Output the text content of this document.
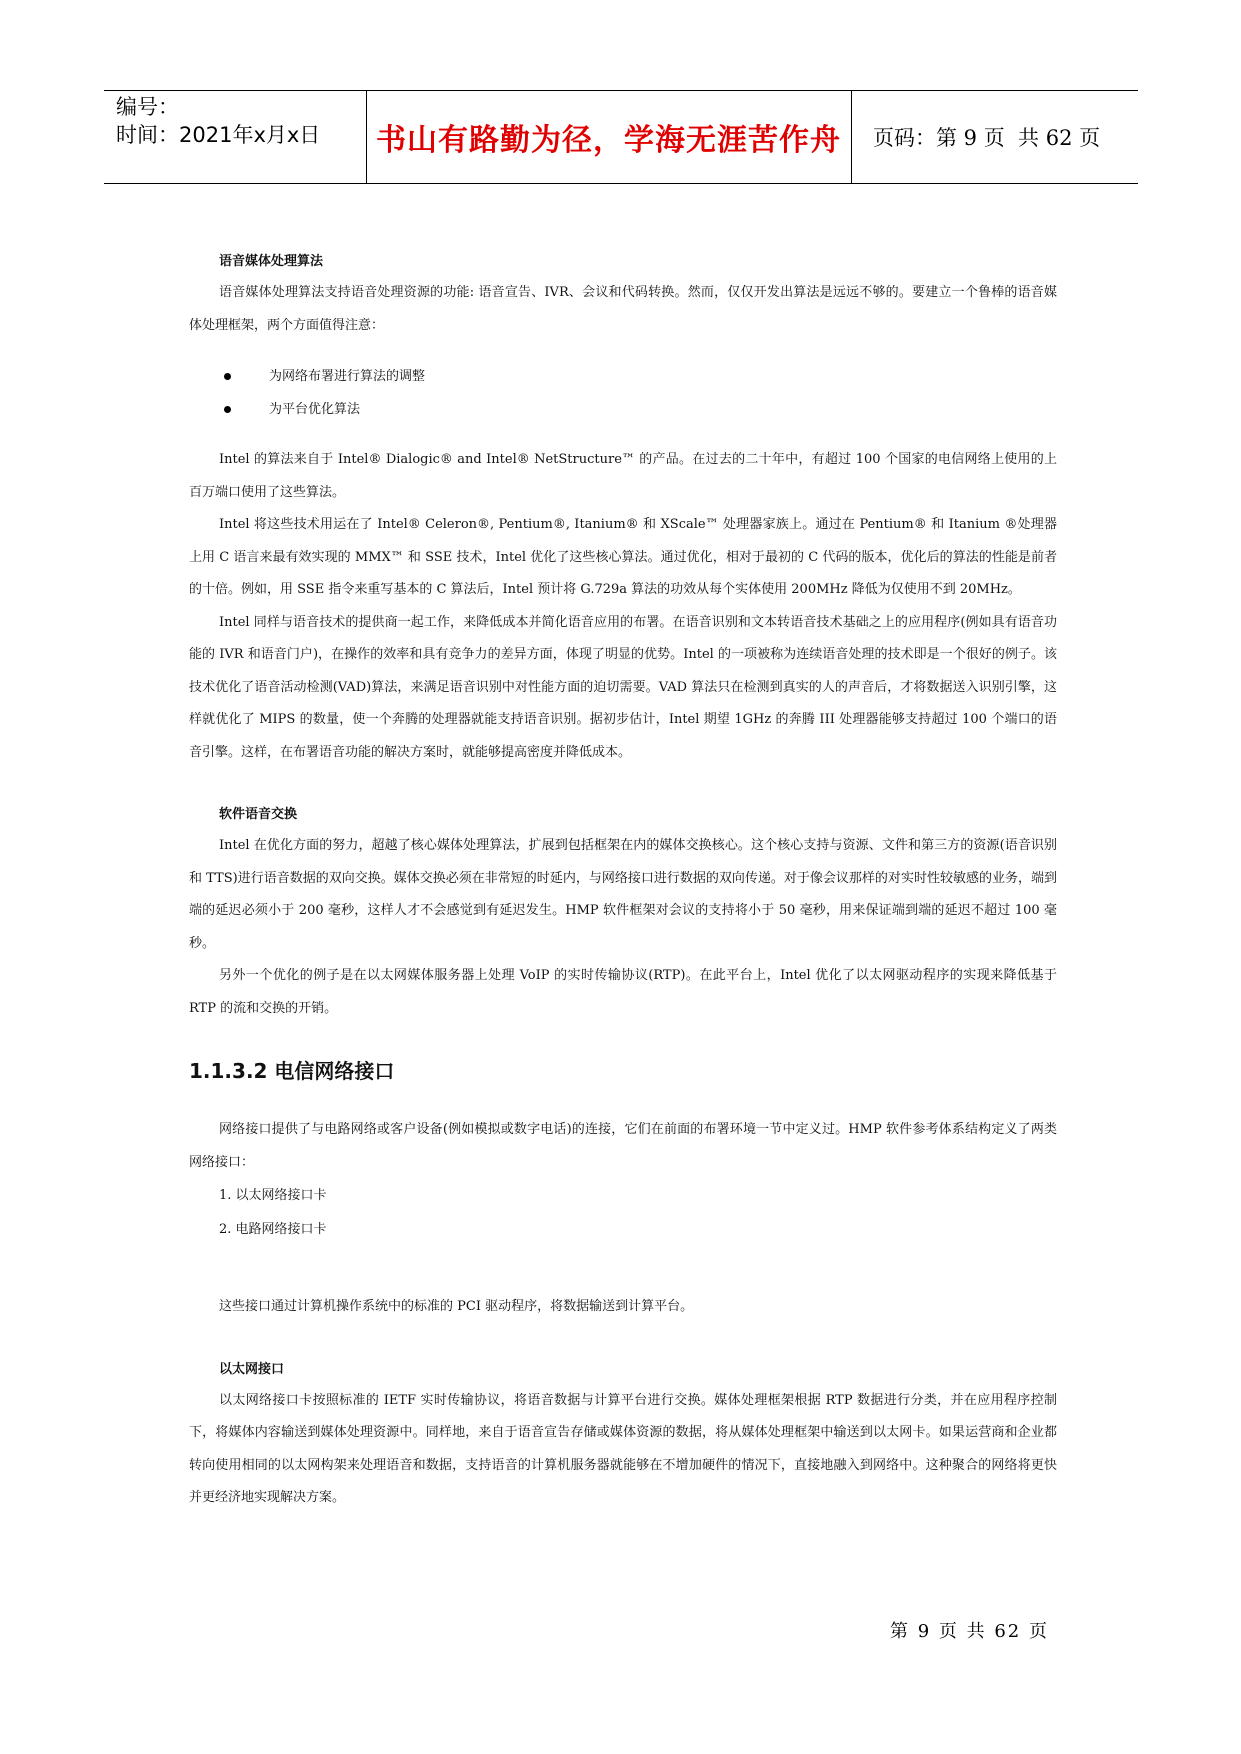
编号：
时间：2021年x月x日	书山有路勤为径，学海无涯苦作舟	页码：第 9 页  共 62 页
语音媒体处理算法

语音媒体处理算法支持语音处理资源的功能: 语音宣告、IVR、会议和代码转换。然而，仅仅开发出算法是远远不够的。要建立一个鲁棒的语音媒体处理框架，两个方面值得注意：

为网络布署进行算法的调整
为平台优化算法

Intel 的算法来自于 Intel® Dialogic® and Intel® NetStructure™ 的产品。在过去的二十年中，有超过 100 个国家的电信网络上使用的上百万端口使用了这些算法。

Intel 将这些技术用运在了 Intel® Celeron®, Pentium®, Itanium® 和 XScale™ 处理器家族上。通过在 Pentium® 和 Itanium ®处理器上用 C 语言来最有效实现的 MMX™ 和 SSE 技术，Intel 优化了这些核心算法。通过优化，相对于最初的 C 代码的版本，优化后的算法的性能是前者的十倍。例如，用 SSE 指令来重写基本的 C 算法后，Intel 预计将 G.729a 算法的功效从每个实体使用 200MHz 降低为仅使用不到 20MHz。

Intel 同样与语音技术的提供商一起工作，来降低成本并简化语音应用的布署。在语音识别和文本转语音技术基础之上的应用程序(例如具有语音功能的 IVR 和语音门户)，在操作的效率和具有竞争力的差异方面，体现了明显的优势。Intel 的一项被称为连续语音处理的技术即是一个很好的例子。该技术优化了语音活动检测(VAD)算法，来满足语音识别中对性能方面的迫切需要。VAD 算法只在检测到真实的人的声音后，才将数据送入识别引擎，这样就优化了 MIPS 的数量，使一个奔腾的处理器就能支持语音识别。据初步估计，Intel 期望 1GHz 的奔腾 III 处理器能够支持超过 100 个端口的语音引擎。这样，在布署语音功能的解决方案时，就能够提高密度并降低成本。

软件语音交换

Intel 在优化方面的努力，超越了核心媒体处理算法，扩展到包括框架在内的媒体交换核心。这个核心支持与资源、文件和第三方的资源(语音识别和 TTS)进行语音数据的双向交换。媒体交换必须在非常短的时延内，与网络接口进行数据的双向传递。对于像会议那样的对实时性较敏感的业务，端到端的延迟必须小于 200 毫秒，这样人才不会感觉到有延迟发生。HMP 软件框架对会议的支持将小于 50 毫秒，用来保证端到端的延迟不超过 100 毫秒。

另外一个优化的例子是在以太网媒体服务器上处理 VoIP 的实时传输协议(RTP)。在此平台上，Intel 优化了以太网驱动程序的实现来降低基于 RTP 的流和交换的开销。

1.1.3.2 电信网络接口

网络接口提供了与电路网络或客户设备(例如模拟或数字电话)的连接，它们在前面的布署环境一节中定义过。HMP 软件参考体系结构定义了两类网络接口：

1. 以太网络接口卡
2. 电路网络接口卡

这些接口通过计算机操作系统中的标准的 PCI 驱动程序，将数据输送到计算平台。

以太网接口

以太网络接口卡按照标准的 IETF 实时传输协议，将语音数据与计算平台进行交换。媒体处理框架根据 RTP 数据进行分类，并在应用程序控制下，将媒体内容输送到媒体处理资源中。同样地，来自于语音宣告存储或媒体资源的数据，将从媒体处理框架中输送到以太网卡。如果运营商和企业都转向使用相同的以太网构架来处理语音和数据，支持语音的计算机服务器就能够在不增加硬件的情况下，直接地融入到网络中。这种聚合的网络将更快并更经济地实现解决方案。

第 9 页 共 62 页
